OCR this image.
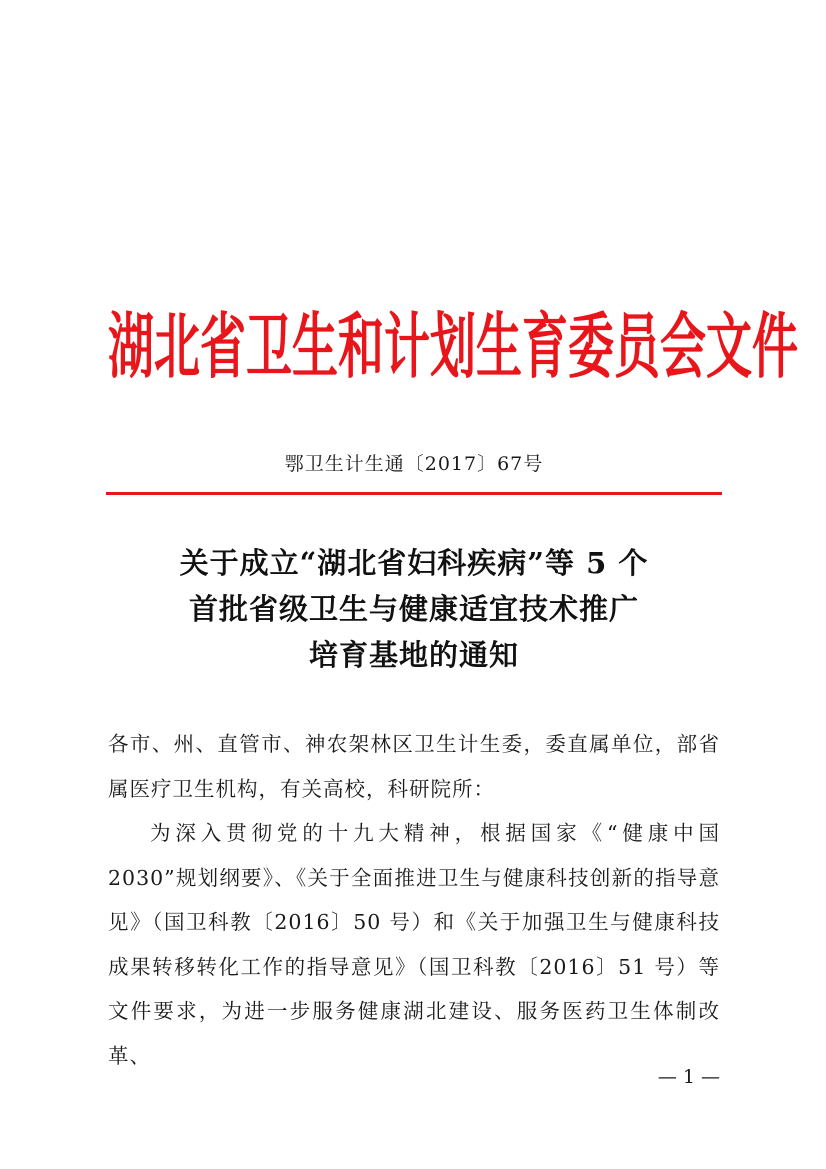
湖北省卫生和计划生育委员会文件
鄂卫生计生通〔2017〕67号
关于成立“湖北省妇科疾病”等 5 个
首批省级卫生与健康适宜技术推广
培育基地的通知

各市、州、直管市、神农架林区卫生计生委，委直属单位，部省属医疗卫生机构，有关高校，科研院所：

为深入贯彻党的十九大精神，根据国家《“健康中国 2030”规划纲要》、《关于全面推进卫生与健康科技创新的指导意见》（国卫科教〔2016〕50 号）和《关于加强卫生与健康科技成果转移转化工作的指导意见》（国卫科教〔2016〕51 号）等文件要求，为进一步服务健康湖北建设、服务医药卫生体制改革、

— 1 —
